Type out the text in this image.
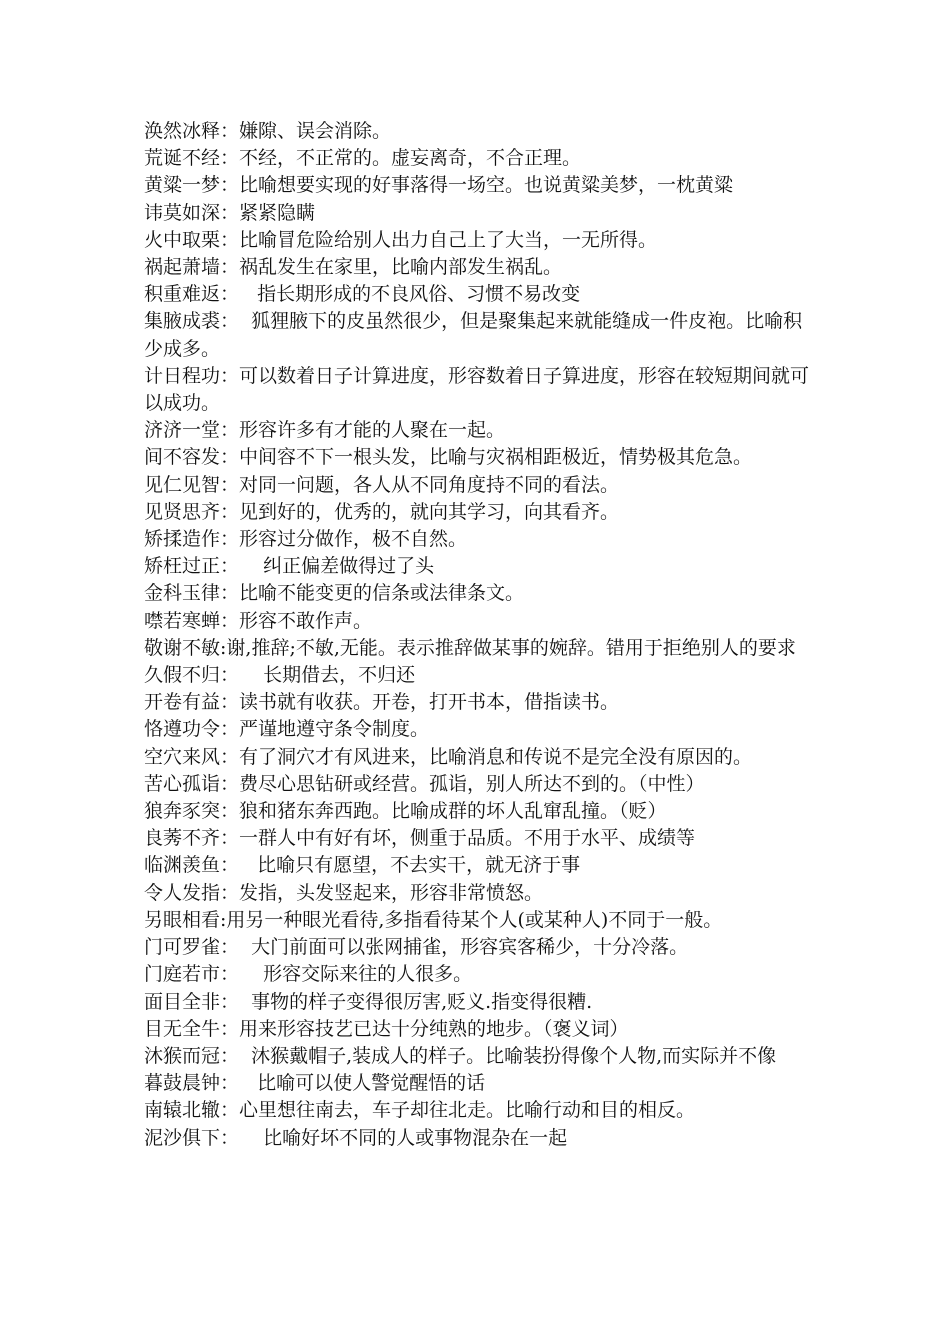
涣然冰释：嫌隙、误会消除。

荒诞不经：不经，不正常的。虚妄离奇，不合正理。

黄粱一梦：比喻想要实现的好事落得一场空。也说黄粱美梦，一枕黄粱

讳莫如深：紧紧隐瞒

火中取栗：比喻冒危险给别人出力自己上了大当，一无所得。

祸起萧墙：祸乱发生在家里，比喻内部发生祸乱。

积重难返：   指长期形成的不良风俗、习惯不易改变

集腋成裘：  狐狸腋下的皮虽然很少，但是聚集起来就能缝成一件皮袍。比喻积少成多。

计日程功：可以数着日子计算进度，形容数着日子算进度，形容在较短期间就可以成功。

济济一堂：形容许多有才能的人聚在一起。

间不容发：中间容不下一根头发，比喻与灾祸相距极近，情势极其危急。

见仁见智：对同一问题，各人从不同角度持不同的看法。

见贤思齐：见到好的，优秀的，就向其学习，向其看齐。

矫揉造作：形容过分做作，极不自然。

矫枉过正：    纠正偏差做得过了头

金科玉律：比喻不能变更的信条或法律条文。

噤若寒蝉：形容不敢作声。

敬谢不敏:谢,推辞;不敏,无能。表示推辞做某事的婉辞。错用于拒绝别人的要求

久假不归：    长期借去，不归还

开卷有益：读书就有收获。开卷，打开书本，借指读书。

恪遵功令：严谨地遵守条令制度。

空穴来风：有了洞穴才有风进来，比喻消息和传说不是完全没有原因的。

苦心孤诣：费尽心思钻研或经营。孤诣，别人所达不到的。（中性）

狼奔豕突：狼和猪东奔西跑。比喻成群的坏人乱窜乱撞。（贬）

良莠不齐：一群人中有好有坏，侧重于品质。不用于水平、成绩等

临渊羡鱼：   比喻只有愿望，不去实干，就无济于事

令人发指：发指，头发竖起来，形容非常愤怒。

另眼相看:用另一种眼光看待,多指看待某个人(或某种人)不同于一般。

门可罗雀：  大门前面可以张网捕雀，形容宾客稀少，十分冷落。

门庭若市：    形容交际来往的人很多。

面目全非：  事物的样子变得很厉害,贬义.指变得很糟.

目无全牛：用来形容技艺已达十分纯熟的地步。（褒义词）

沐猴而冠：  沐猴戴帽子,装成人的样子。比喻装扮得像个人物,而实际并不像

暮鼓晨钟：   比喻可以使人警觉醒悟的话

南辕北辙：心里想往南去，车子却往北走。比喻行动和目的相反。

泥沙俱下：    比喻好坏不同的人或事物混杂在一起
